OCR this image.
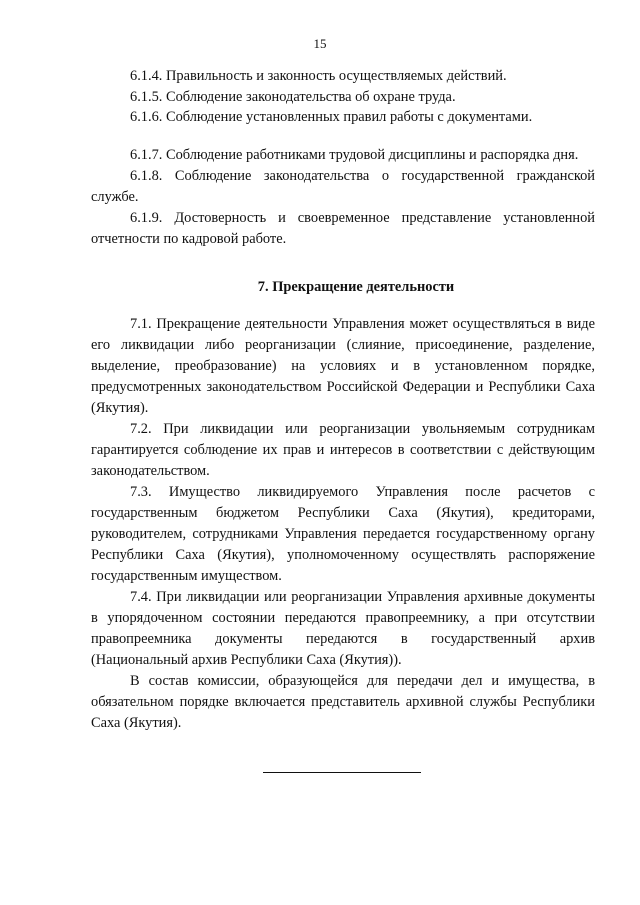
15

6.1.4. Правильность и законность осуществляемых действий.

6.1.5. Соблюдение законодательства об охране труда.

6.1.6. Соблюдение установленных правил работы с документами.

6.1.7. Соблюдение работниками трудовой дисциплины и распорядка дня.

6.1.8. Соблюдение законодательства о государственной гражданской службе.

6.1.9. Достоверность и своевременное представление установленной отчетности по кадровой работе.

7. Прекращение деятельности

7.1. Прекращение деятельности Управления может осуществляться в виде его ликвидации либо реорганизации (слияние, присоединение, разделение, выделение, преобразование) на условиях и в установленном порядке, предусмотренных законодательством Российской Федерации и Республики Саха (Якутия).

7.2. При ликвидации или реорганизации увольняемым сотрудникам гарантируется соблюдение их прав и интересов в соответствии с действующим законодательством.

7.3. Имущество ликвидируемого Управления после расчетов с государственным бюджетом Республики Саха (Якутия), кредиторами, руководителем, сотрудниками Управления передается государственному органу Республики Саха (Якутия), уполномоченному осуществлять распоряжение государственным имуществом.

7.4. При ликвидации или реорганизации Управления архивные документы в упорядоченном состоянии передаются правопреемнику, а при отсутствии правопреемника документы передаются в государственный архив (Национальный архив Республики Саха (Якутия)).

В состав комиссии, образующейся для передачи дел и имущества, в обязательном порядке включается представитель архивной службы Республики Саха (Якутия).
